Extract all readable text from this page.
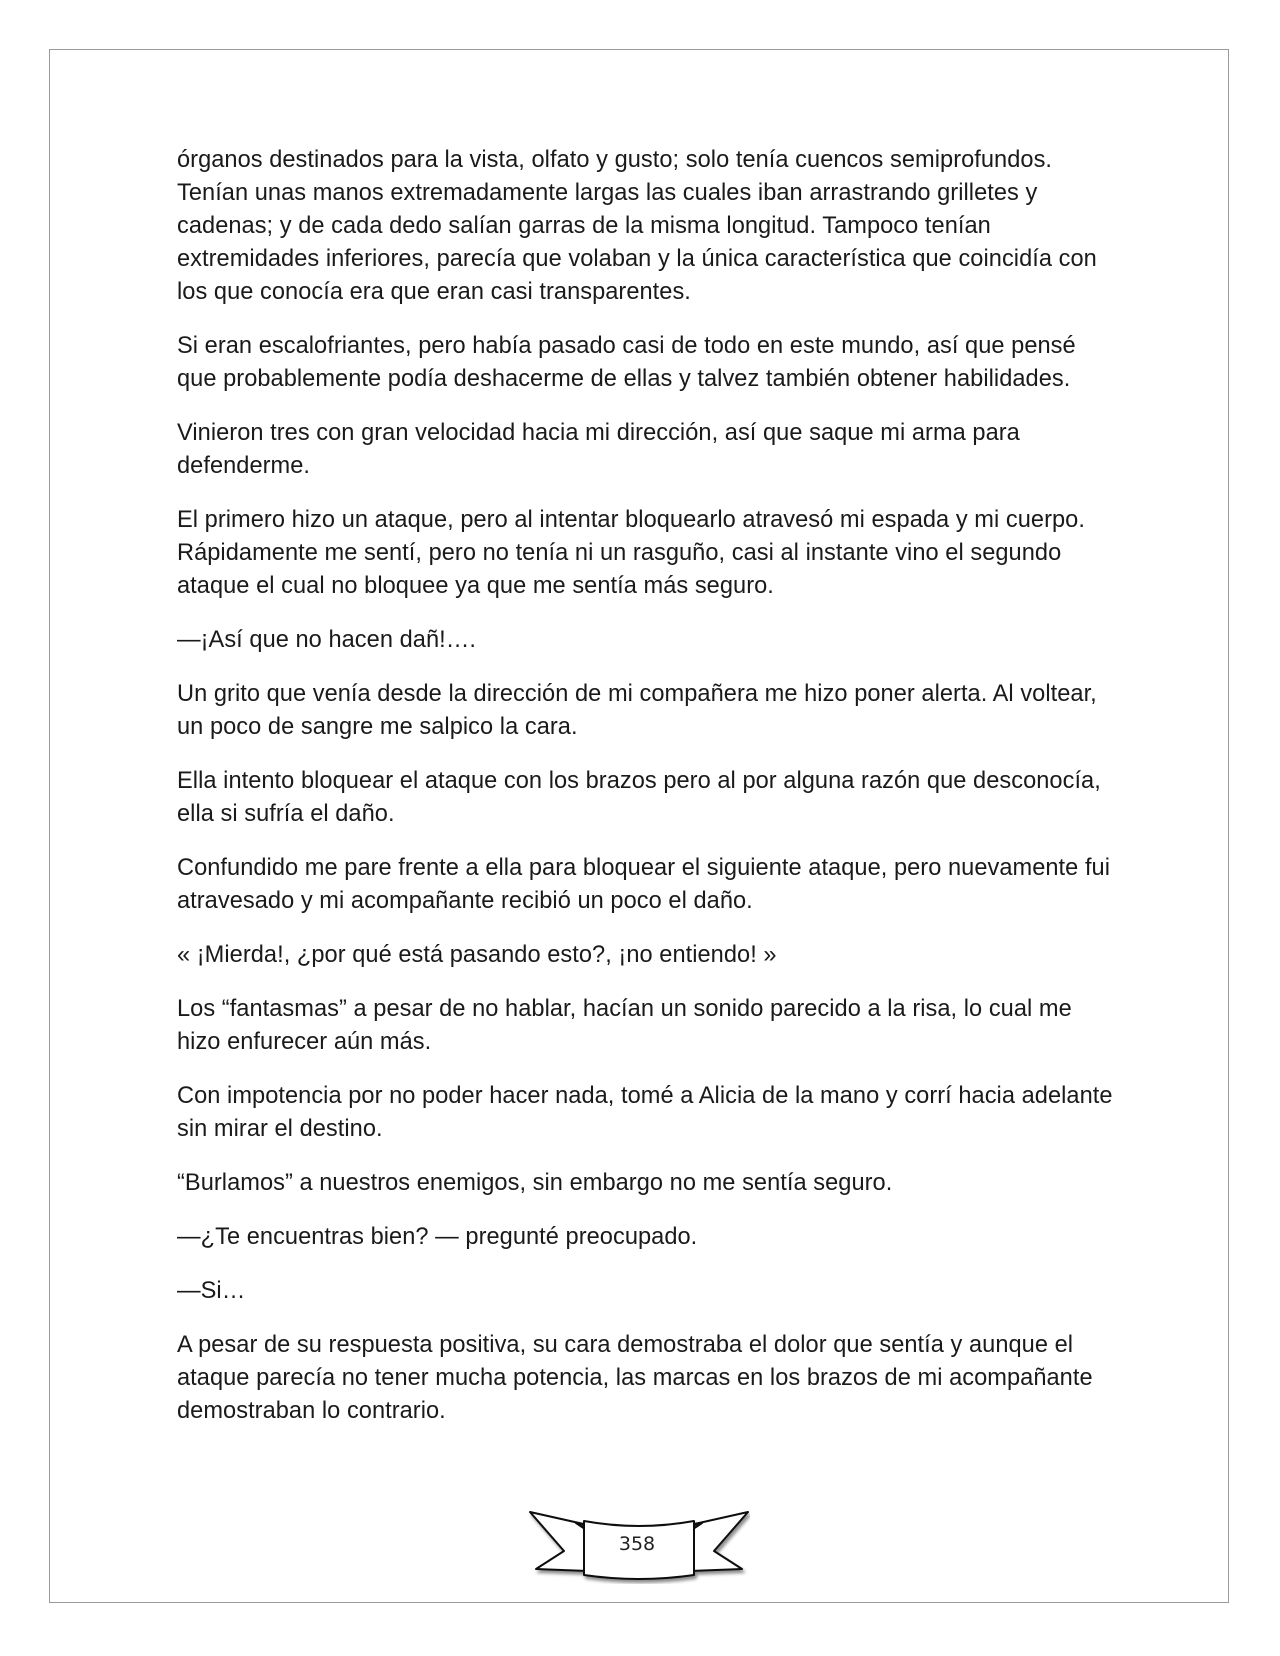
órganos destinados para la vista, olfato y gusto; solo tenía cuencos semiprofundos. Tenían unas manos extremadamente largas las cuales iban arrastrando grilletes y cadenas; y de cada dedo salían garras de la misma longitud. Tampoco tenían extremidades inferiores, parecía que volaban y la única característica que coincidía con los que conocía era que eran casi transparentes.

Si eran escalofriantes, pero había pasado casi de todo en este mundo, así que pensé que probablemente podía deshacerme de ellas y talvez también obtener habilidades.

Vinieron tres con gran velocidad hacia mi dirección, así que saque mi arma para defenderme.

El primero hizo un ataque, pero al intentar bloquearlo atravesó mi espada y mi cuerpo. Rápidamente me sentí, pero no tenía ni un rasguño, casi al instante vino el segundo ataque el cual no bloquee ya que me sentía más seguro.

—¡Así que no hacen dañ!….

Un grito que venía desde la dirección de mi compañera me hizo poner alerta. Al voltear, un poco de sangre me salpico la cara.

Ella intento bloquear el ataque con los brazos pero al por alguna razón que desconocía, ella si sufría el daño.

Confundido me pare frente a ella para bloquear el siguiente ataque, pero nuevamente fui atravesado y mi acompañante recibió un poco el daño.

« ¡Mierda!, ¿por qué está pasando esto?, ¡no entiendo! »

Los “fantasmas” a pesar de no hablar, hacían un sonido parecido a la risa, lo cual me hizo enfurecer aún más.

Con impotencia por no poder hacer nada, tomé a Alicia de la mano y corrí hacia adelante sin mirar el destino.

“Burlamos” a nuestros enemigos, sin embargo no me sentía seguro.

—¿Te encuentras bien? — pregunté preocupado.

—Si…

A pesar de su respuesta positiva, su cara demostraba el dolor que sentía y aunque el ataque parecía no tener mucha potencia, las marcas en los brazos de mi acompañante demostraban lo contrario.

358
